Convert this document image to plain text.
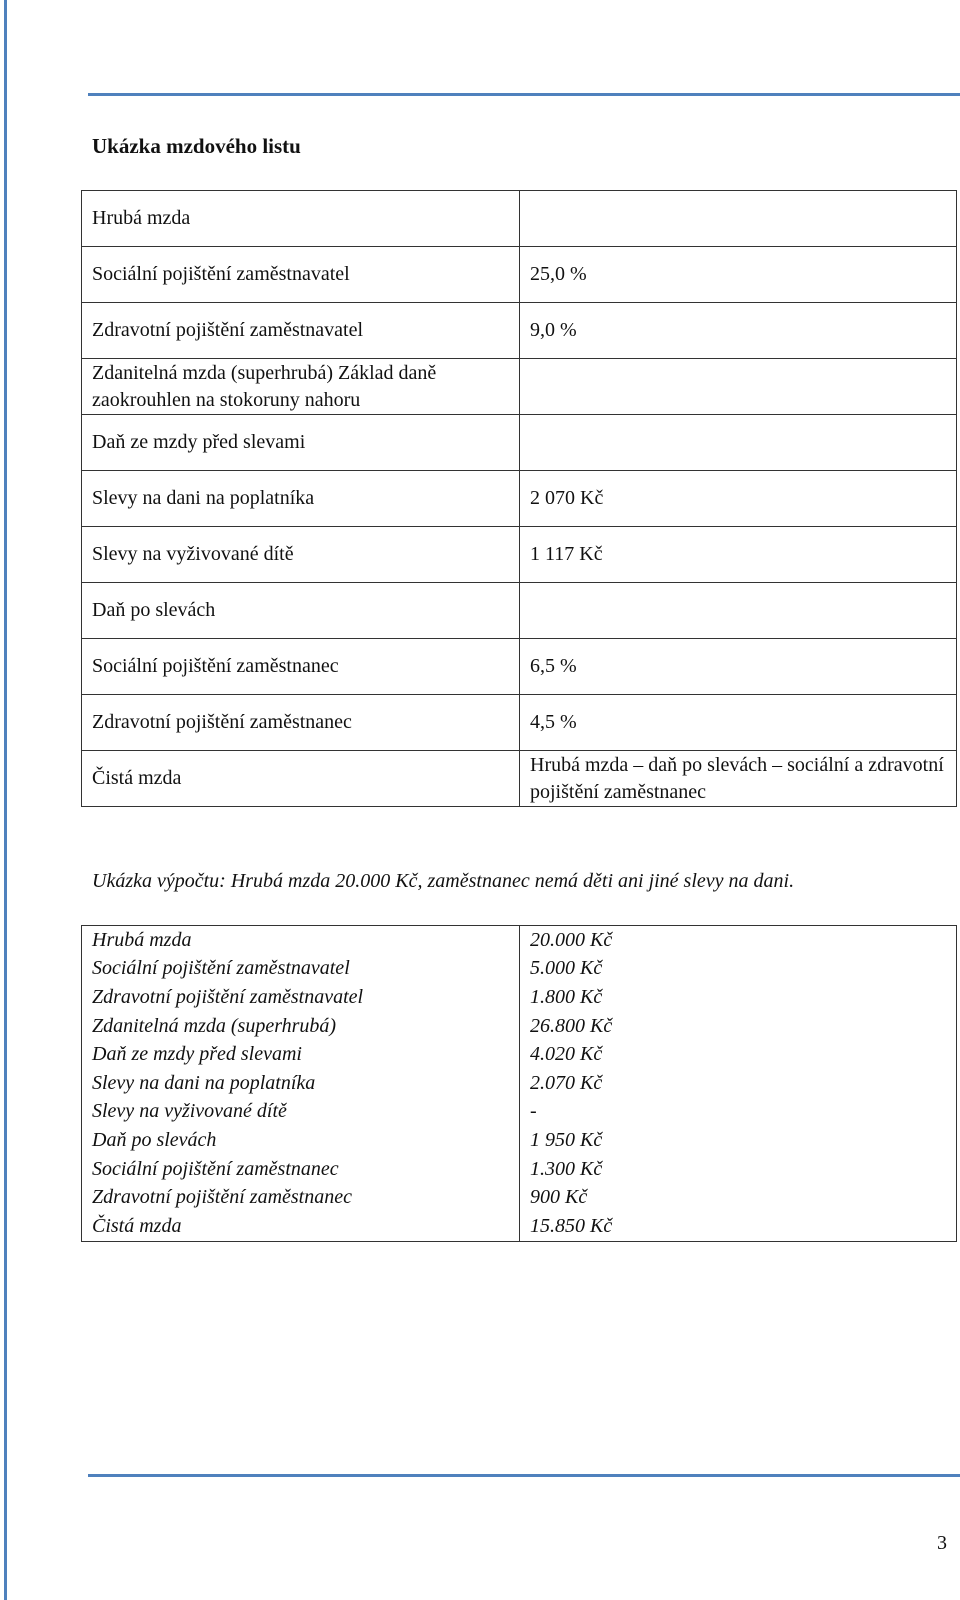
Ukázka mzdového listu
Hrubá mzda	
Sociální pojištění zaměstnavatel	25,0 %
Zdravotní pojištění zaměstnavatel	9,0 %
Zdanitelná mzda (superhrubá) Základ daně zaokrouhlen na stokoruny nahoru	
Daň ze mzdy před slevami	
Slevy na dani na poplatníka	2 070 Kč
Slevy na vyživované dítě	1 117 Kč
Daň po slevách	
Sociální pojištění zaměstnanec	6,5 %
Zdravotní pojištění zaměstnanec	4,5 %
Čistá mzda	Hrubá mzda – daň po slevách – sociální a zdravotní pojištění zaměstnanec
Ukázka výpočtu: Hrubá mzda 20.000 Kč, zaměstnanec nemá děti ani jiné slevy na dani.
Hrubá mzda	20.000 Kč
Sociální pojištění zaměstnavatel	5.000 Kč
Zdravotní pojištění zaměstnavatel	1.800 Kč
Zdanitelná mzda (superhrubá)	26.800 Kč
Daň ze mzdy před slevami	4.020 Kč
Slevy na dani na poplatníka	2.070 Kč
Slevy na vyživované dítě	-
Daň po slevách	1 950 Kč
Sociální pojištění zaměstnanec	1.300 Kč
Zdravotní pojištění zaměstnanec	900 Kč
Čistá mzda	15.850 Kč
3
